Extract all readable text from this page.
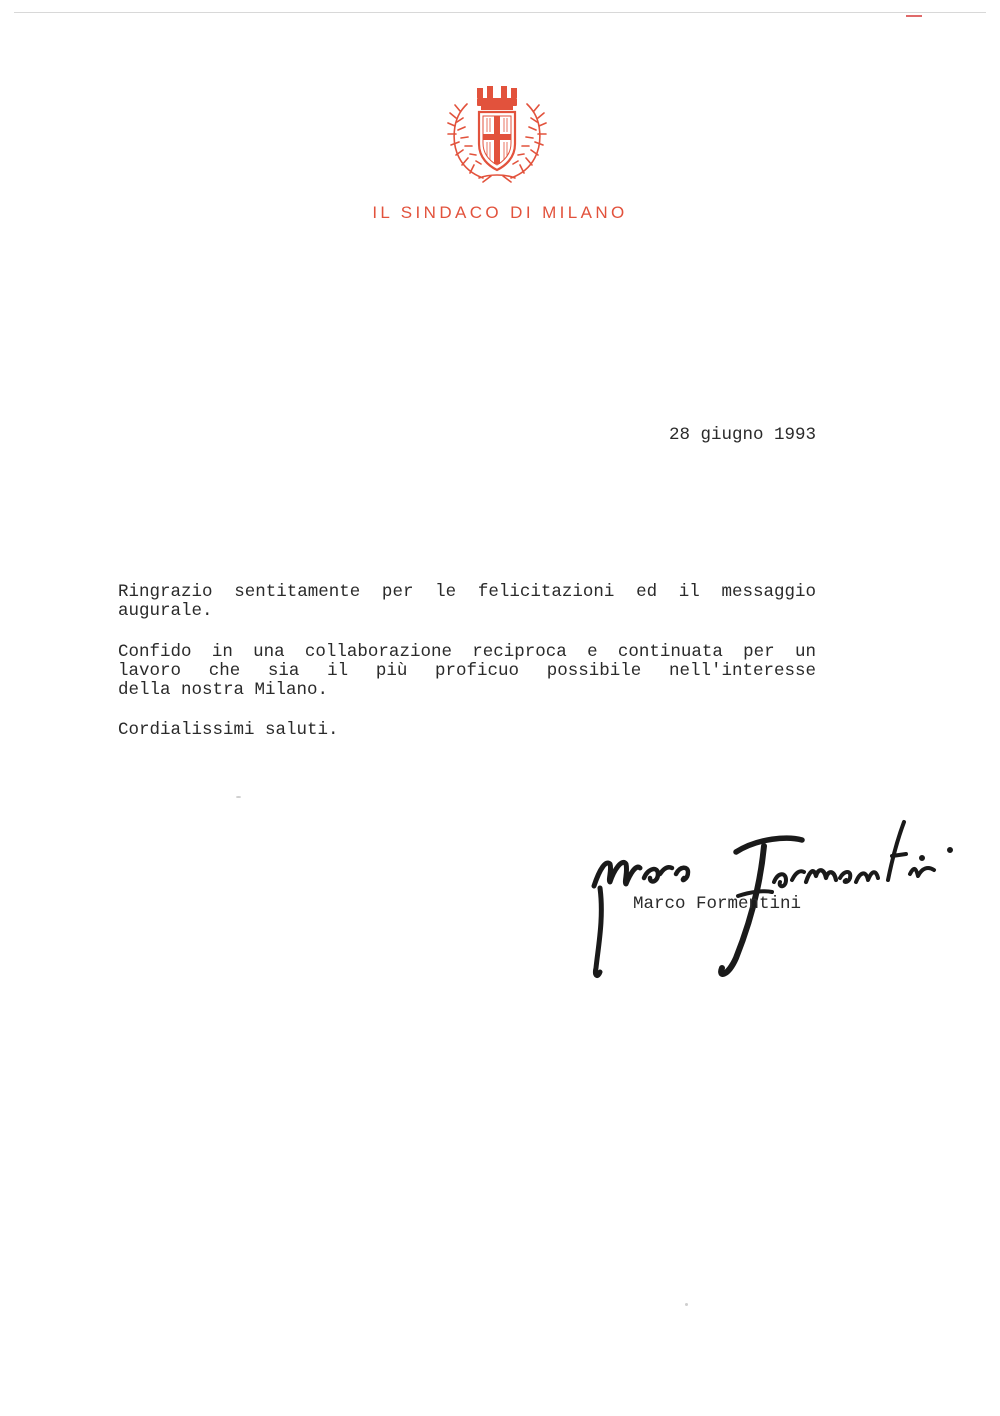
IL SINDACO DI MILANO
28 giugno 1993
Ringrazio sentitamente per le felicitazioni ed il messaggio
augurale.
Confido in una collaborazione reciproca e continuata per un
lavoro che sia il più proficuo possibile nell'interesse
della nostra Milano.
Cordialissimi saluti.
Marco Formentini
